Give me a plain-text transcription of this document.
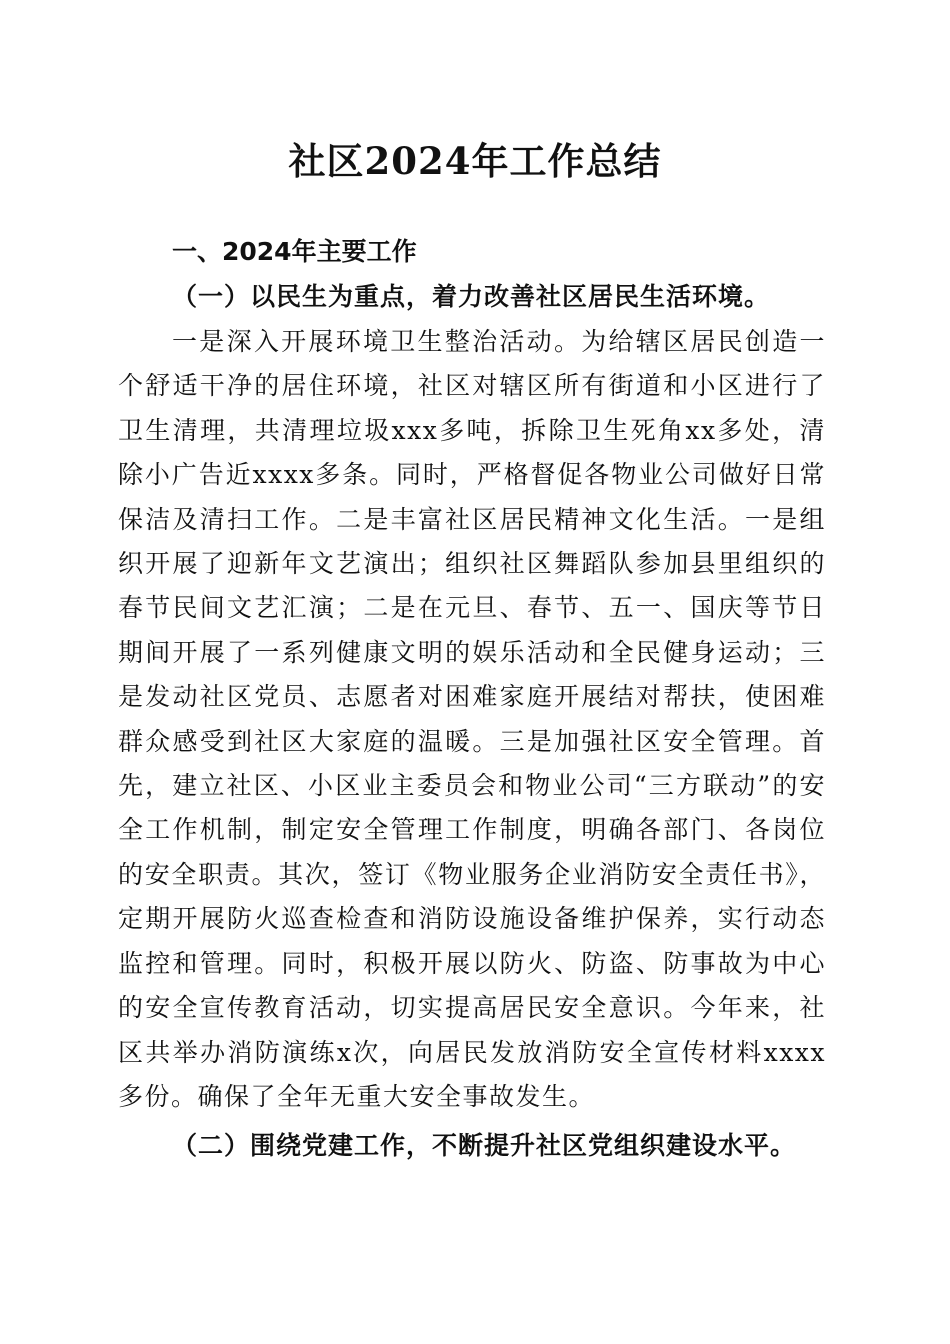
社区2024年工作总结
一、2024年主要工作
（一）以民生为重点，着力改善社区居民生活环境。

一是深入开展环境卫生整治活动。为给辖区居民创造一个舒适干净的居住环境，社区对辖区所有街道和小区进行了卫生清理，共清理垃圾xxx多吨，拆除卫生死角xx多处，清除小广告近xxxx多条。同时，严格督促各物业公司做好日常保洁及清扫工作。二是丰富社区居民精神文化生活。一是组织开展了迎新年文艺演出；组织社区舞蹈队参加县里组织的春节民间文艺汇演；二是在元旦、春节、五一、国庆等节日期间开展了一系列健康文明的娱乐活动和全民健身运动；三是发动社区党员、志愿者对困难家庭开展结对帮扶，使困难群众感受到社区大家庭的温暖。三是加强社区安全管理。首先，建立社区、小区业主委员会和物业公司“三方联动”的安全工作机制，制定安全管理工作制度，明确各部门、各岗位的安全职责。其次，签订《物业服务企业消防安全责任书》，定期开展防火巡查检查和消防设施设备维护保养，实行动态监控和管理。同时，积极开展以防火、防盗、防事故为中心的安全宣传教育活动，切实提高居民安全意识。今年来，社区共举办消防演练x次，向居民发放消防安全宣传材料xxxx多份。确保了全年无重大安全事故发生。

（二）围绕党建工作，不断提升社区党组织建设水平。
